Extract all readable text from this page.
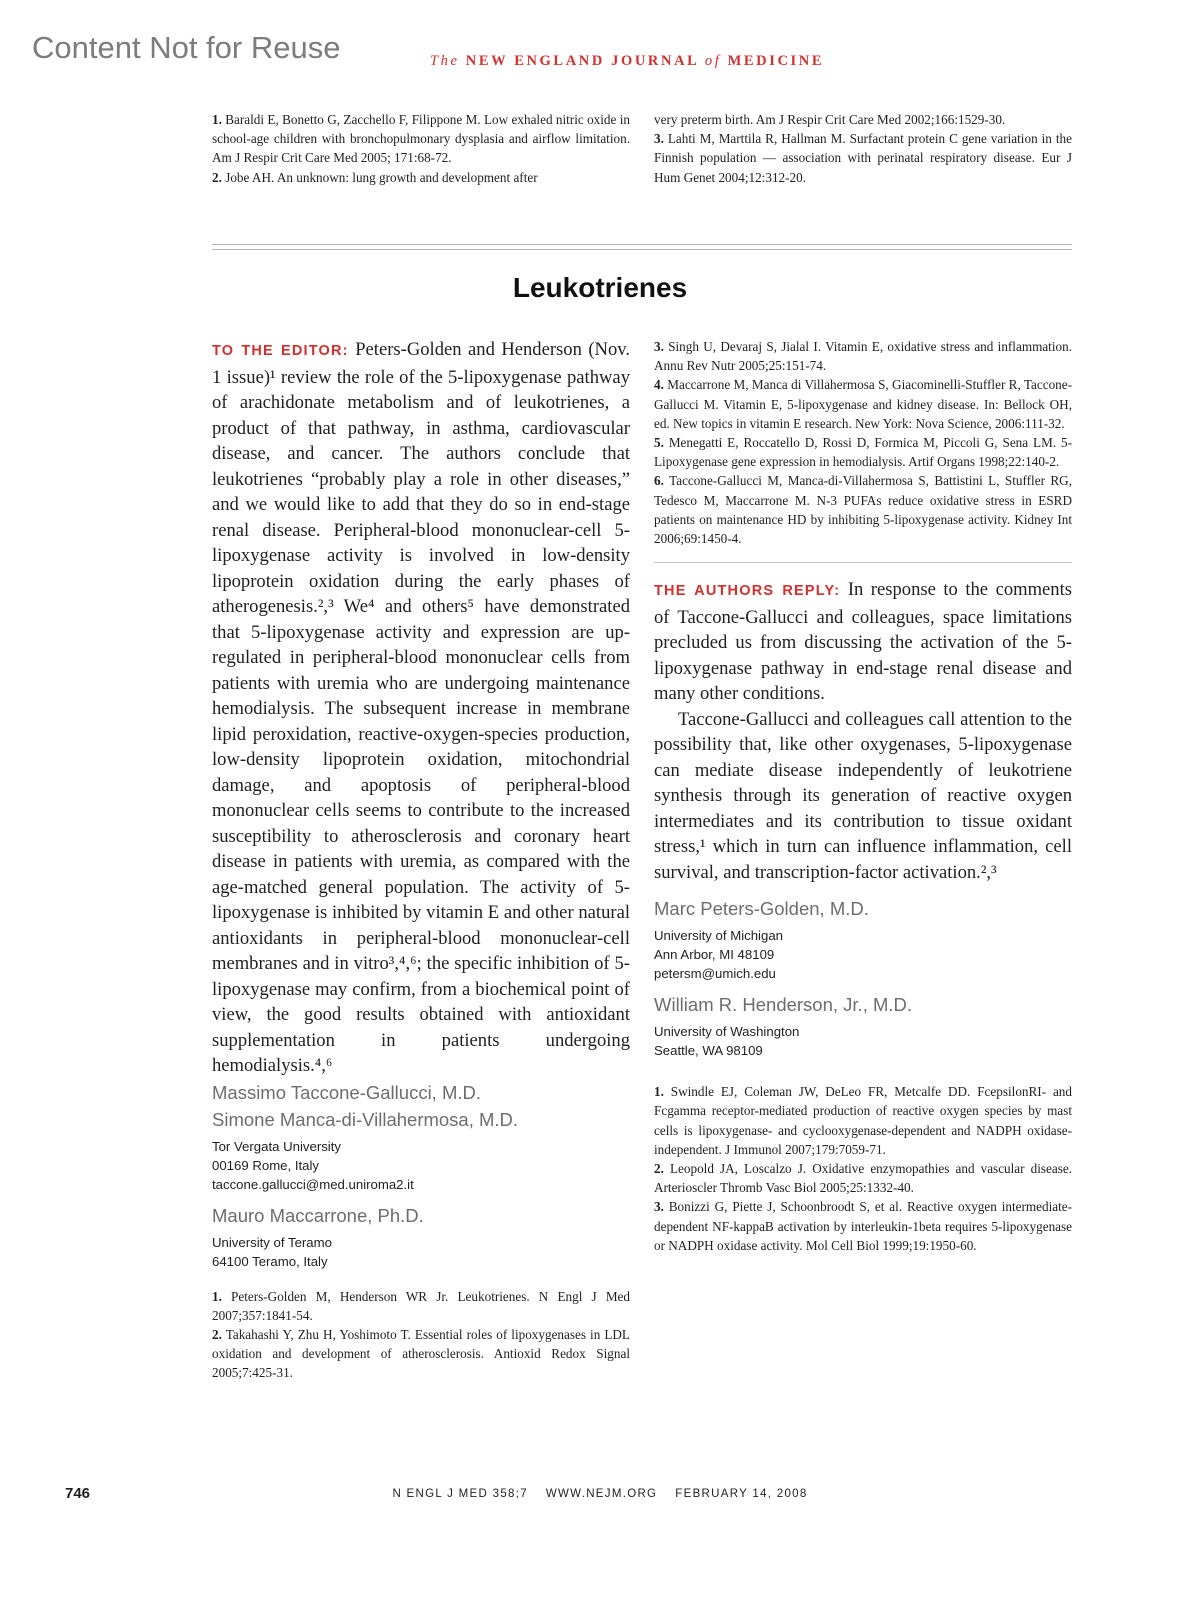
Content Not for Reuse	The NEW ENGLAND JOURNAL of MEDICINE

1. Baraldi E, Bonetto G, Zacchello F, Filippone M. Low exhaled nitric oxide in school-age children with bronchopulmonary dysplasia and airflow limitation. Am J Respir Crit Care Med 2005; 171:68-72.

2. Jobe AH. An unknown: lung growth and development after

very preterm birth. Am J Respir Crit Care Med 2002;166:1529-30.

3. Lahti M, Marttila R, Hallman M. Surfactant protein C gene variation in the Finnish population — association with perinatal respiratory disease. Eur J Hum Genet 2004;12:312-20.

Leukotrienes

TO THE EDITOR: Peters-Golden and Henderson (Nov. 1 issue)¹ review the role of the 5-lipoxygenase pathway of arachidonate metabolism and of leukotrienes, a product of that pathway, in asthma, cardiovascular disease, and cancer. The authors conclude that leukotrienes “probably play a role in other diseases,” and we would like to add that they do so in end-stage renal disease. Peripheral-blood mononuclear-cell 5-lipoxygenase activity is involved in low-density lipoprotein oxidation during the early phases of atherogenesis.²,³ We⁴ and others⁵ have demonstrated that 5-lipoxygenase activity and expression are up-regulated in peripheral-blood mononuclear cells from patients with uremia who are undergoing maintenance hemodialysis. The subsequent increase in membrane lipid peroxidation, reactive-oxygen-species production, low-density lipoprotein oxidation, mitochondrial damage, and apoptosis of peripheral-blood mononuclear cells seems to contribute to the increased susceptibility to atherosclerosis and coronary heart disease in patients with uremia, as compared with the age-matched general population. The activity of 5-lipoxygenase is inhibited by vitamin E and other natural antioxidants in peripheral-blood mononuclear-cell membranes and in vitro³,⁴,⁶; the specific inhibition of 5-lipoxygenase may confirm, from a biochemical point of view, the good results obtained with antioxidant supplementation in patients undergoing hemodialysis.⁴,⁶

Massimo Taccone-Gallucci, M.D.

Simone Manca-di-Villahermosa, M.D.

Tor Vergata University
00169 Rome, Italy
taccone.gallucci@med.uniroma2.it

Mauro Maccarrone, Ph.D.

University of Teramo
64100 Teramo, Italy

1. Peters-Golden M, Henderson WR Jr. Leukotrienes. N Engl J Med 2007;357:1841-54.

2. Takahashi Y, Zhu H, Yoshimoto T. Essential roles of lipoxygenases in LDL oxidation and development of atherosclerosis. Antioxid Redox Signal 2005;7:425-31.

3. Singh U, Devaraj S, Jialal I. Vitamin E, oxidative stress and inflammation. Annu Rev Nutr 2005;25:151-74.

4. Maccarrone M, Manca di Villahermosa S, Giacominelli-Stuffler R, Taccone-Gallucci M. Vitamin E, 5-lipoxygenase and kidney disease. In: Bellock OH, ed. New topics in vitamin E research. New York: Nova Science, 2006:111-32.

5. Menegatti E, Roccatello D, Rossi D, Formica M, Piccoli G, Sena LM. 5-Lipoxygenase gene expression in hemodialysis. Artif Organs 1998;22:140-2.

6. Taccone-Gallucci M, Manca-di-Villahermosa S, Battistini L, Stuffler RG, Tedesco M, Maccarrone M. N-3 PUFAs reduce oxidative stress in ESRD patients on maintenance HD by inhibiting 5-lipoxygenase activity. Kidney Int 2006;69:1450-4.

THE AUTHORS REPLY: In response to the comments of Taccone-Gallucci and colleagues, space limitations precluded us from discussing the activation of the 5-lipoxygenase pathway in end-stage renal disease and many other conditions.

Taccone-Gallucci and colleagues call attention to the possibility that, like other oxygenases, 5-lipoxygenase can mediate disease independently of leukotriene synthesis through its generation of reactive oxygen intermediates and its contribution to tissue oxidant stress,¹ which in turn can influence inflammation, cell survival, and transcription-factor activation.²,³

Marc Peters-Golden, M.D.

University of Michigan
Ann Arbor, MI 48109
petersm@umich.edu

William R. Henderson, Jr., M.D.

University of Washington
Seattle, WA 98109

1. Swindle EJ, Coleman JW, DeLeo FR, Metcalfe DD. FcepsilonRI- and Fcgamma receptor-mediated production of reactive oxygen species by mast cells is lipoxygenase- and cyclooxygenase-dependent and NADPH oxidase-independent. J Immunol 2007;179:7059-71.

2. Leopold JA, Loscalzo J. Oxidative enzymopathies and vascular disease. Arterioscler Thromb Vasc Biol 2005;25:1332-40.

3. Bonizzi G, Piette J, Schoonbroodt S, et al. Reactive oxygen intermediate-dependent NF-kappaB activation by interleukin-1beta requires 5-lipoxygenase or NADPH oxidase activity. Mol Cell Biol 1999;19:1950-60.

746	N ENGL J MED 358;7    WWW.NEJM.ORG    FEBRUARY 14, 2008
